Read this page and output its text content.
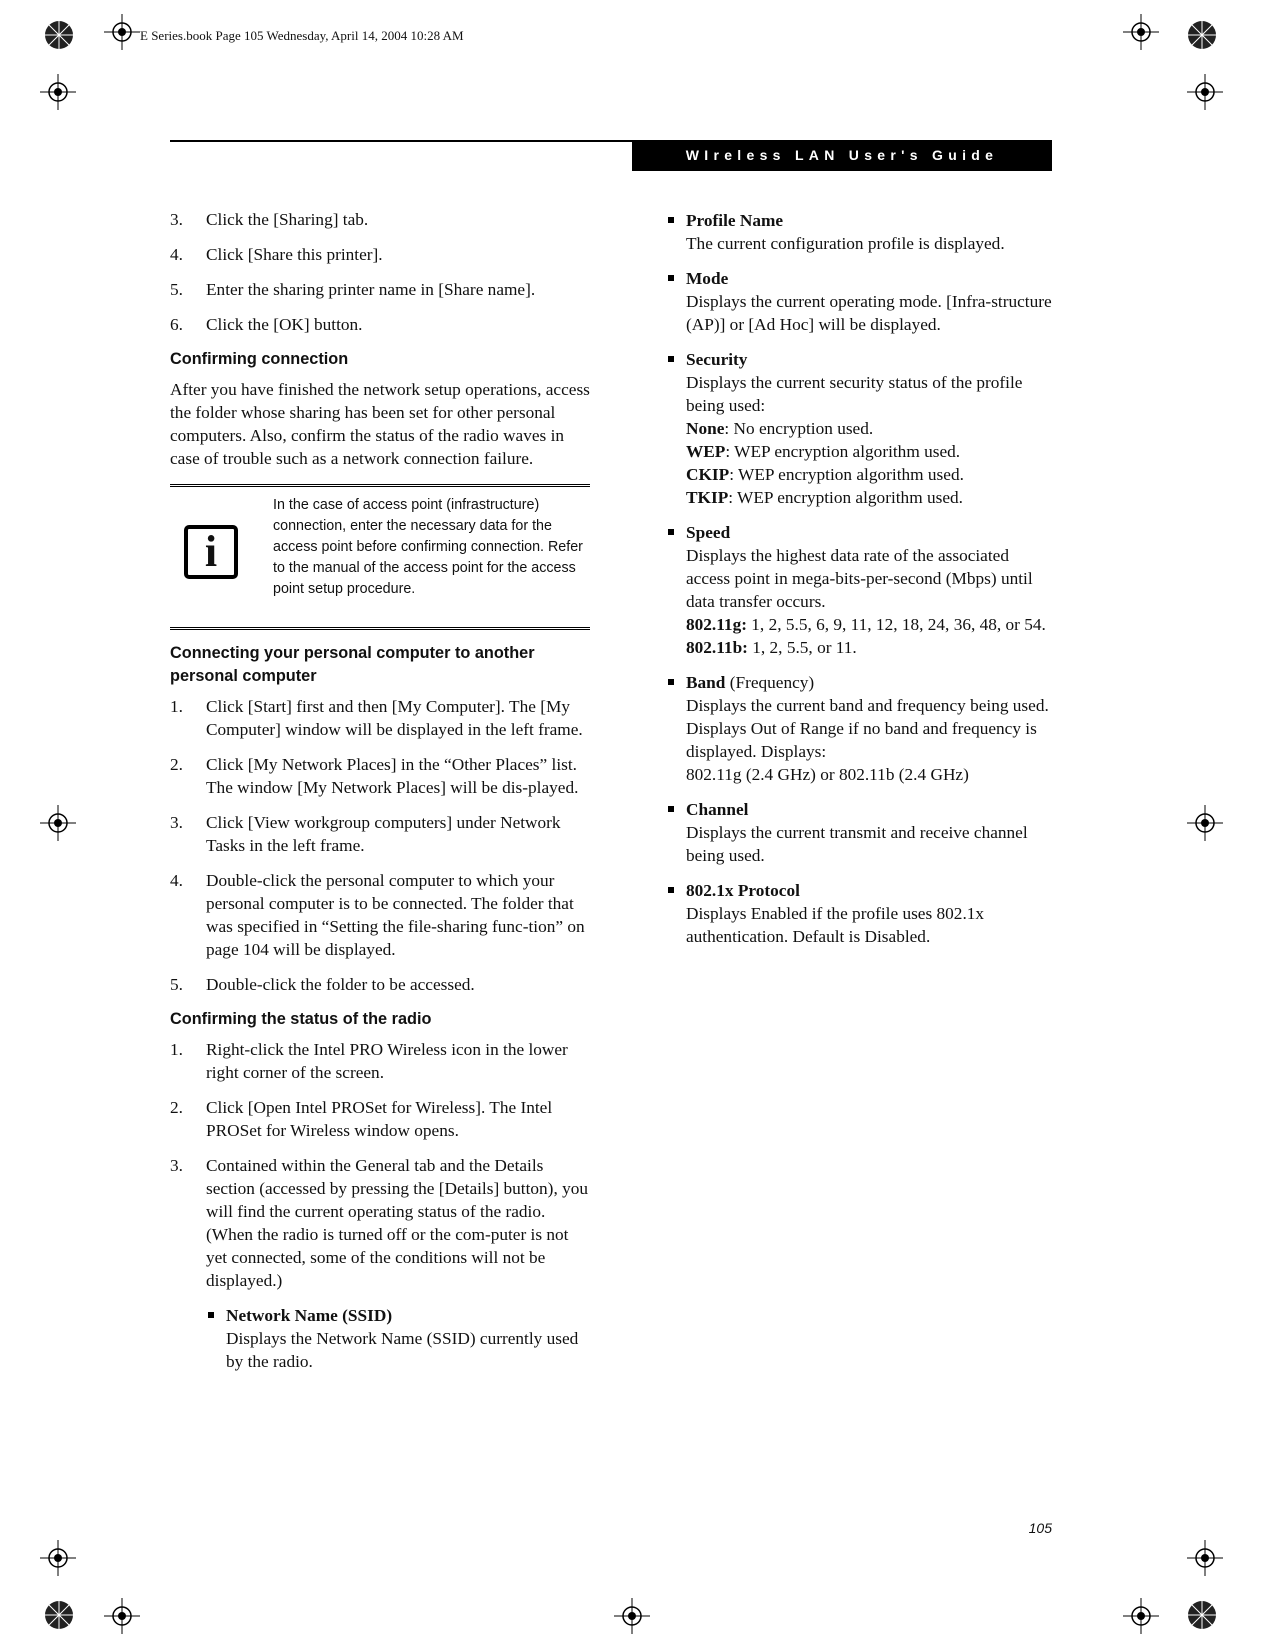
E Series.book Page 105 Wednesday, April 14, 2004 10:28 AM
WIreless LAN User's Guide
3. Click the [Sharing] tab.
4. Click [Share this printer].
5. Enter the sharing printer name in [Share name].
6. Click the [OK] button.
Confirming connection
After you have finished the network setup operations, access the folder whose sharing has been set for other personal computers. Also, confirm the status of the radio waves in case of trouble such as a network connection failure.
i
In the case of access point (infrastructure) connection, enter the necessary data for the access point before confirming connection. Refer to the manual of the access point for the access point setup procedure.
Connecting your personal computer to another personal computer
1. Click [Start] first and then [My Computer]. The [My Computer] window will be displayed in the left frame.
2. Click [My Network Places] in the “Other Places” list. The window [My Network Places] will be dis-played.
3. Click [View workgroup computers] under Network Tasks in the left frame.
4. Double-click the personal computer to which your personal computer is to be connected. The folder that was specified in “Setting the file-sharing func-tion” on page 104 will be displayed.
5. Double-click the folder to be accessed.
Confirming the status of the radio
1. Right-click the Intel PRO Wireless icon in the lower right corner of the screen.
2. Click [Open Intel PROSet for Wireless]. The Intel PROSet for Wireless window opens.
3. Contained within the General tab and the Details section (accessed by pressing the [Details] button), you will find the current operating status of the radio. (When the radio is turned off or the com-puter is not yet connected, some of the conditions will not be displayed.)
Network Name (SSID)
Displays the Network Name (SSID) currently used by the radio.
Profile Name
The current configuration profile is displayed.
Mode
Displays the current operating mode. [Infra-structure (AP)] or [Ad Hoc] will be displayed.
Security
Displays the current security status of the profile being used:
None: No encryption used.
WEP: WEP encryption algorithm used.
CKIP: WEP encryption algorithm used.
TKIP: WEP encryption algorithm used.
Speed
Displays the highest data rate of the associated access point in mega-bits-per-second (Mbps) until data transfer occurs.
802.11g: 1, 2, 5.5, 6, 9, 11, 12, 18, 24, 36, 48, or 54.
802.11b: 1, 2, 5.5, or 11.
Band (Frequency)
Displays the current band and frequency being used. Displays Out of Range if no band and frequency is displayed. Displays:
802.11g (2.4 GHz) or 802.11b (2.4 GHz)
Channel
Displays the current transmit and receive channel being used.
802.1x Protocol
Displays Enabled if the profile uses 802.1x authentication. Default is Disabled.
105
